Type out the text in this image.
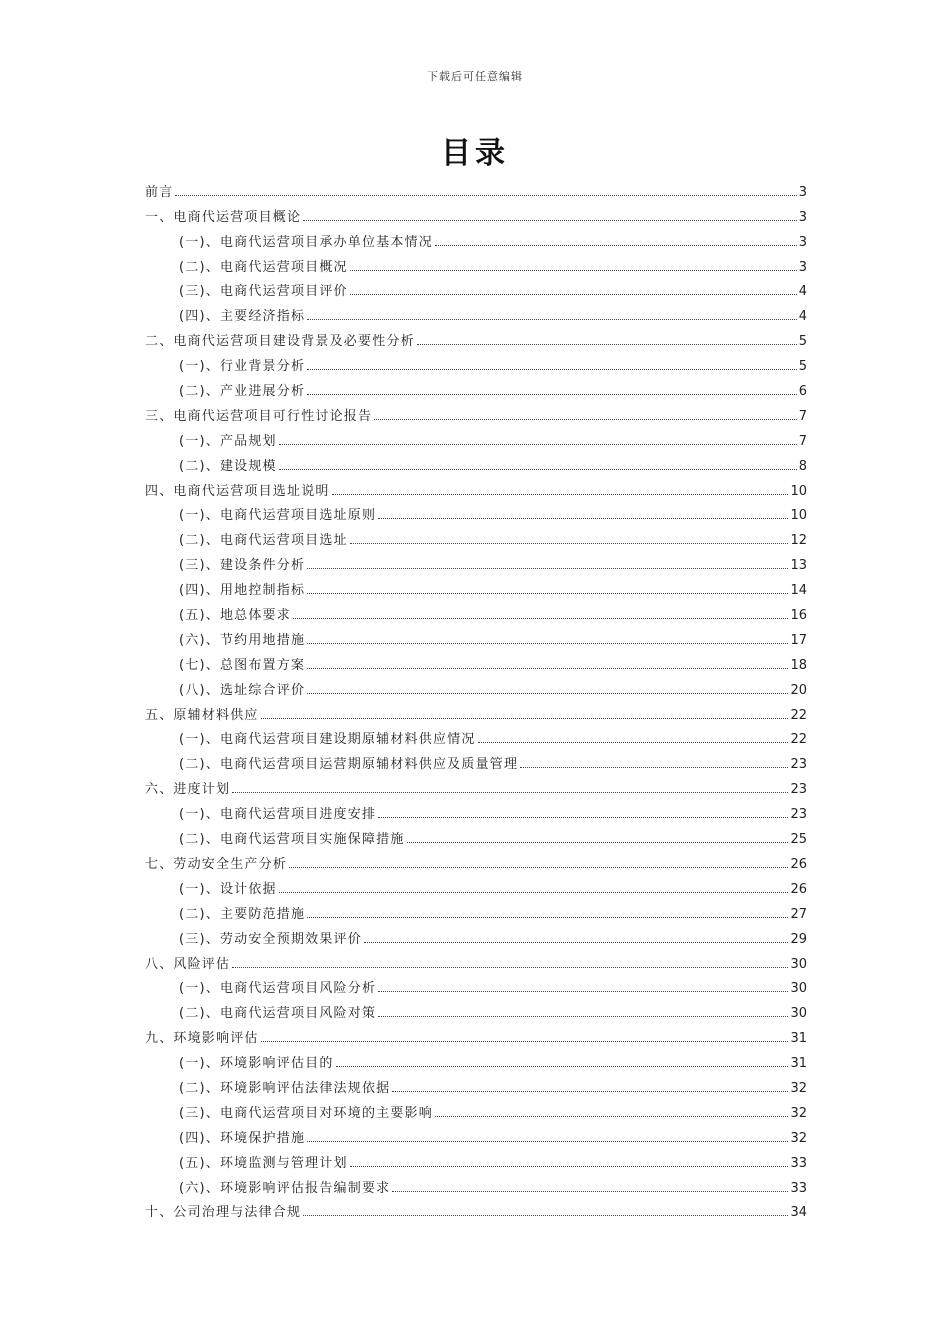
下载后可任意编辑
目录
前言	3
一、电商代运营项目概论	3
(一)、电商代运营项目承办单位基本情况	3
(二)、电商代运营项目概况	3
(三)、电商代运营项目评价	4
(四)、主要经济指标	4
二、电商代运营项目建设背景及必要性分析	5
(一)、行业背景分析	5
(二)、产业进展分析	6
三、电商代运营项目可行性讨论报告	7
(一)、产品规划	7
(二)、建设规模	8
四、电商代运营项目选址说明	10
(一)、电商代运营项目选址原则	10
(二)、电商代运营项目选址	12
(三)、建设条件分析	13
(四)、用地控制指标	14
(五)、地总体要求	16
(六)、节约用地措施	17
(七)、总图布置方案	18
(八)、选址综合评价	20
五、原辅材料供应	22
(一)、电商代运营项目建设期原辅材料供应情况	22
(二)、电商代运营项目运营期原辅材料供应及质量管理	23
六、进度计划	23
(一)、电商代运营项目进度安排	23
(二)、电商代运营项目实施保障措施	25
七、劳动安全生产分析	26
(一)、设计依据	26
(二)、主要防范措施	27
(三)、劳动安全预期效果评价	29
八、风险评估	30
(一)、电商代运营项目风险分析	30
(二)、电商代运营项目风险对策	30
九、环境影响评估	31
(一)、环境影响评估目的	31
(二)、环境影响评估法律法规依据	32
(三)、电商代运营项目对环境的主要影响	32
(四)、环境保护措施	32
(五)、环境监测与管理计划	33
(六)、环境影响评估报告编制要求	33
十、公司治理与法律合规	34
